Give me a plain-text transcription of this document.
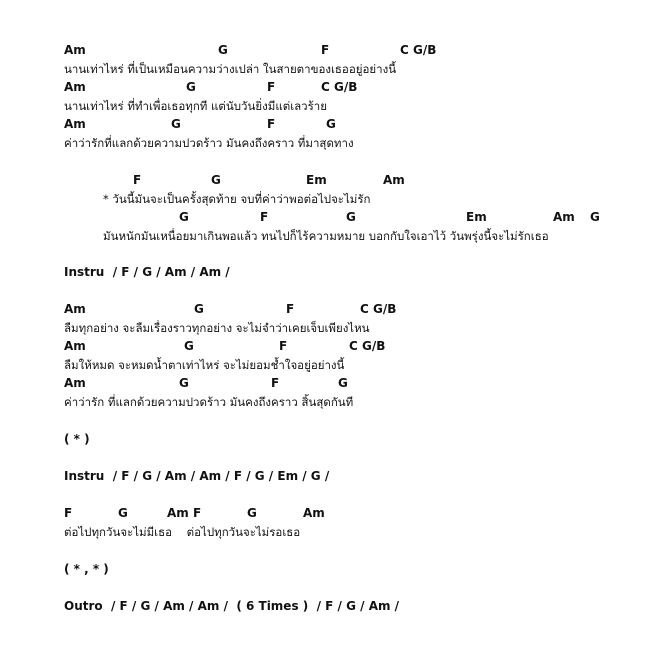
Am

	G

	F

	C G/B

นานเท่าไหร่ ที่เป็นเหมือนความว่างเปล่า ในสายตาของเธออยู่อย่างนี้

Am

	G

	F

	C G/B

นานเท่าไหร่ ที่ทำเพื่อเธอทุกที แต่นับวันยิ่งมีแต่เลวร้าย

Am

	G

	F

	G

ค่าว่ารักที่แลกด้วยความปวดร้าว มันคงถึงคราว ที่มาสุดทาง

F

	G

	Em

	Am

* วันนี้มันจะเป็นครั้งสุดท้าย จบที่ค่าว่าพอต่อไปจะไม่รัก

G

	F

	G

	Em

	Am

G

มันหนักมันเหนื่อยมาเกินพอแล้ว ทนไปก็ไร้ความหมาย บอกกับใจเอาไว้ วันพรุ่งนี้จะไม่รักเธอ
Instru  / F / G / Am / Am /

Am

	G

	F

	C G/B

ลืมทุกอย่าง จะลืมเรื่องราวทุกอย่าง จะไม่จำว่าเคยเจ็บเพียงไหน

Am

	G

	F

	C G/B

ลืมให้หมด จะหมดน้ำตาเท่าไหร่ จะไม่ยอมช้ำใจอยู่อย่างนี้

Am

	G

	F

	G

ค่าว่ารัก ที่แลกด้วยความปวดร้าว มันคงถึงคราว สิ้นสุดกันที
( * )
Instru  / F / G / Am / Am / F / G / Em / G /

F

	G

	Am F

	G

	Am

ต่อไปทุกวันจะไม่มีเธอ    ต่อไปทุกวันจะไม่รอเธอ
( * , * )
Outro  / F / G / Am / Am /  ( 6 Times )  / F / G / Am /
